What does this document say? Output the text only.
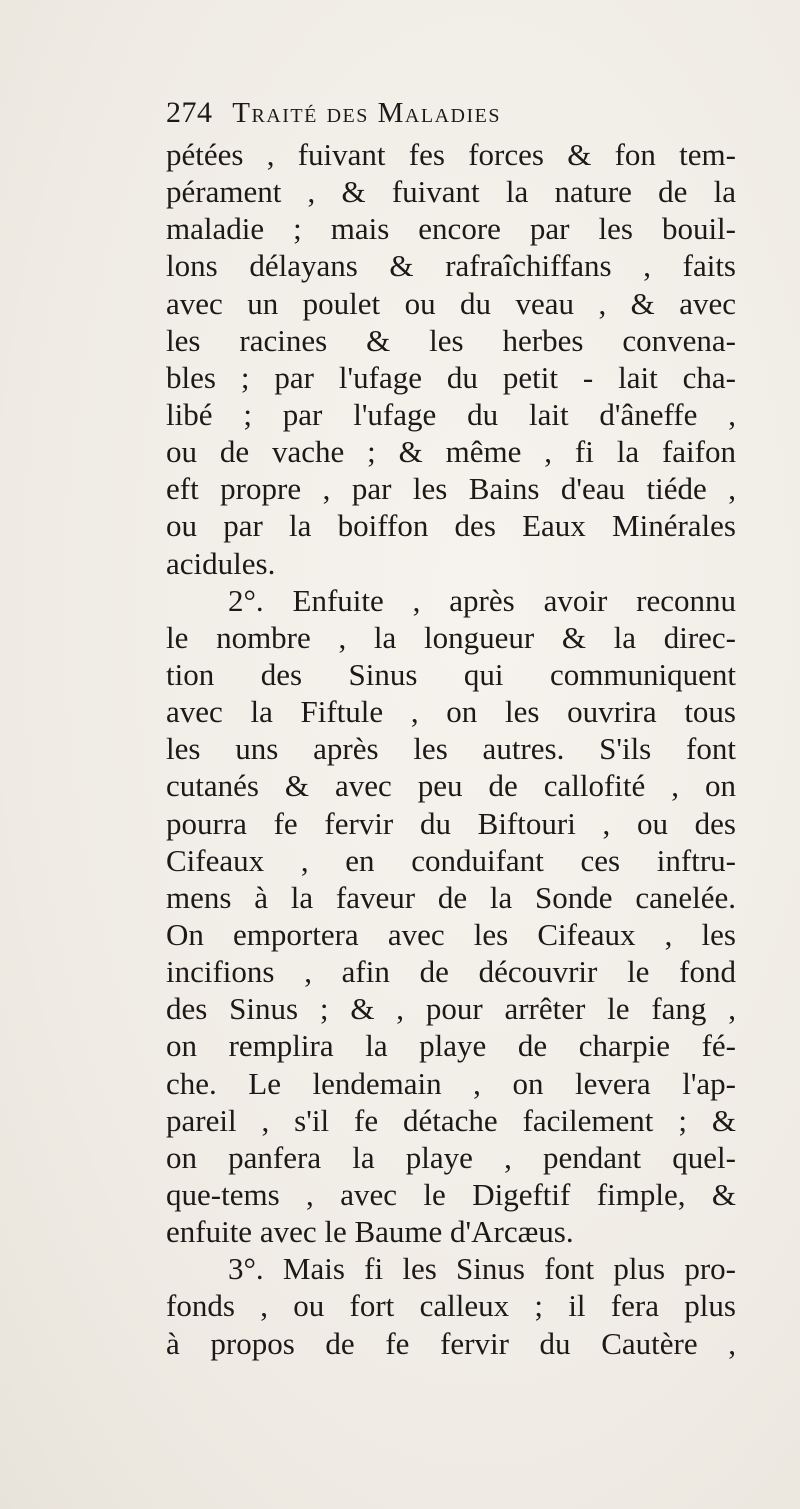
274 Traité des Maladies
pétées , fuivant fes forces & fon tem-
pérament , & fuivant la nature de la
maladie ; mais encore par les bouil-
lons délayans & rafraîchiffans , faits
avec un poulet ou du veau , & avec
les racines & les herbes convena-
bles ; par l'ufage du petit - lait cha-
libé ; par l'ufage du lait d'âneffe ,
ou de vache ; & même , fi la faifon
eft propre , par les Bains d'eau tiéde ,
ou par la boiffon des Eaux Minérales
acidules.
2°. Enfuite , après avoir reconnu
le nombre , la longueur & la direc-
tion des Sinus qui communiquent
avec la Fiftule , on les ouvrira tous
les uns après les autres. S'ils font
cutanés & avec peu de callofité , on
pourra fe fervir du Biftouri , ou des
Cifeaux , en conduifant ces inftru-
mens à la faveur de la Sonde canelée.
On emportera avec les Cifeaux , les
incifions , afin de découvrir le fond
des Sinus ; & , pour arrêter le fang ,
on remplira la playe de charpie fé-
che. Le lendemain , on levera l'ap-
pareil , s'il fe détache facilement ; &
on panfera la playe , pendant quel-
que-tems , avec le Digeftif fimple, &
enfuite avec le Baume d'Arcæus.
3°. Mais fi les Sinus font plus pro-
fonds , ou fort calleux ; il fera plus
à propos de fe fervir du Cautère ,
